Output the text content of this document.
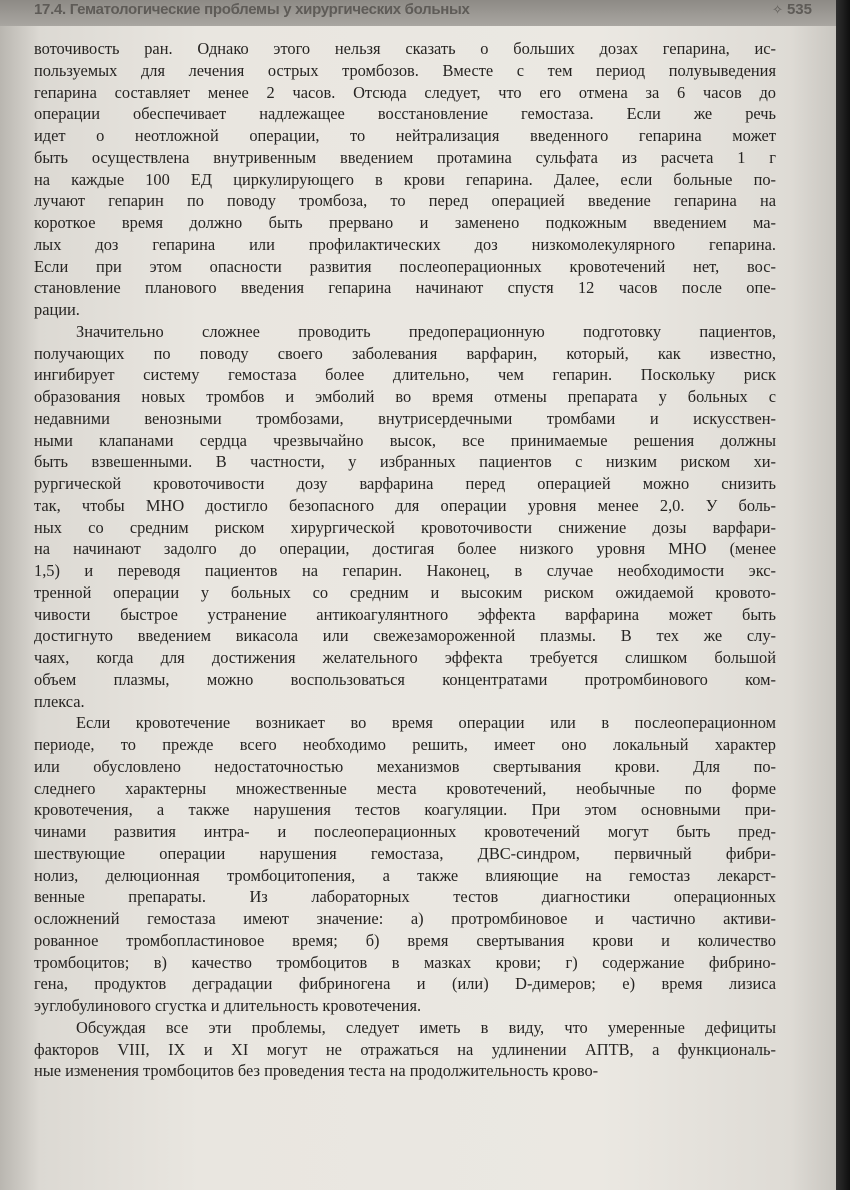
17.4. Гематологические проблемы у хирургических больных	✧ 535
воточивость ран. Однако этого нельзя сказать о больших дозах гепарина, ис-
пользуемых для лечения острых тромбозов. Вместе с тем период полувыведения
гепарина составляет менее 2 часов. Отсюда следует, что его отмена за 6 часов до
операции обеспечивает надлежащее восстановление гемостаза. Если же речь
идет о неотложной операции, то нейтрализация введенного гепарина может
быть осуществлена внутривенным введением протамина сульфата из расчета 1 г
на каждые 100 ЕД циркулирующего в крови гепарина. Далее, если больные по-
лучают гепарин по поводу тромбоза, то перед операцией введение гепарина на
короткое время должно быть прервано и заменено подкожным введением ма-
лых доз гепарина или профилактических доз низкомолекулярного гепарина.
Если при этом опасности развития послеоперационных кровотечений нет, вос-
становление планового введения гепарина начинают спустя 12 часов после опе-
рации.
Значительно сложнее проводить предоперационную подготовку пациентов,
получающих по поводу своего заболевания варфарин, который, как известно,
ингибирует систему гемостаза более длительно, чем гепарин. Поскольку риск
образования новых тромбов и эмболий во время отмены препарата у больных с
недавними венозными тромбозами, внутрисердечными тромбами и искусствен-
ными клапанами сердца чрезвычайно высок, все принимаемые решения должны
быть взвешенными. В частности, у избранных пациентов с низким риском хи-
рургической кровоточивости дозу варфарина перед операцией можно снизить
так, чтобы МНО достигло безопасного для операции уровня менее 2,0. У боль-
ных со средним риском хирургической кровоточивости снижение дозы варфари-
на начинают задолго до операции, достигая более низкого уровня МНО (менее
1,5) и переводя пациентов на гепарин. Наконец, в случае необходимости экс-
тренной операции у больных со средним и высоким риском ожидаемой кровото-
чивости быстрое устранение антикоагулянтного эффекта варфарина может быть
достигнуто введением викасола или свежезамороженной плазмы. В тех же слу-
чаях, когда для достижения желательного эффекта требуется слишком большой
объем плазмы, можно воспользоваться концентратами протромбинового ком-
плекса.
Если кровотечение возникает во время операции или в послеоперационном
периоде, то прежде всего необходимо решить, имеет оно локальный характер
или обусловлено недостаточностью механизмов свертывания крови. Для по-
следнего характерны множественные места кровотечений, необычные по форме
кровотечения, а также нарушения тестов коагуляции. При этом основными при-
чинами развития интра- и послеоперационных кровотечений могут быть пред-
шествующие операции нарушения гемостаза, ДВС-синдром, первичный фибри-
нолиз, делюционная тромбоцитопения, а также влияющие на гемостаз лекарст-
венные препараты. Из лабораторных тестов диагностики операционных
осложнений гемостаза имеют значение: а) протромбиновое и частично активи-
рованное тромбопластиновое время; б) время свертывания крови и количество
тромбоцитов; в) качество тромбоцитов в мазках крови; г) содержание фибрино-
гена, продуктов деградации фибриногена и (или) D-димеров; е) время лизиса
эуглобулинового сгустка и длительность кровотечения.
Обсуждая все эти проблемы, следует иметь в виду, что умеренные дефициты
факторов VIII, IX и XI могут не отражаться на удлинении АПТВ, а функциональ-
ные изменения тромбоцитов без проведения теста на продолжительность крово-
